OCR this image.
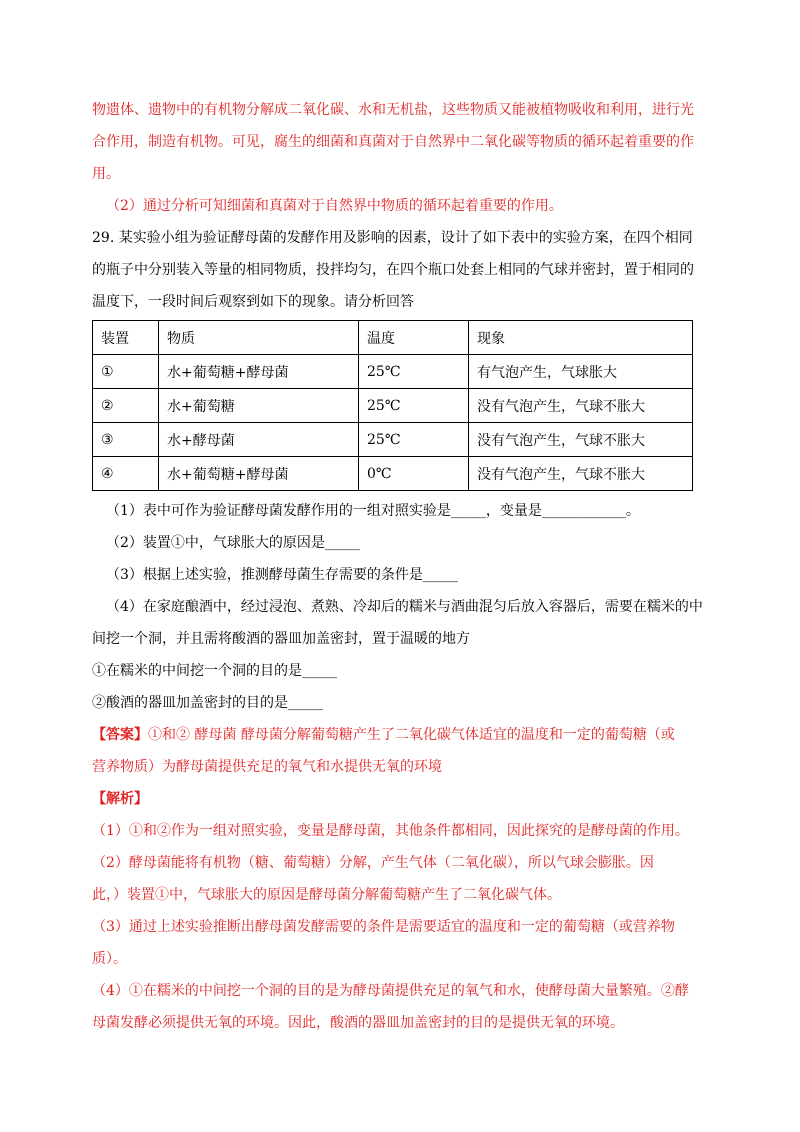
物遗体、遗物中的有机物分解成二氧化碳、水和无机盐，这些物质又能被植物吸收和利用，进行光
合作用，制造有机物。可见，腐生的细菌和真菌对于自然界中二氧化碳等物质的循环起着重要的作
用。
（2）通过分析可知细菌和真菌对于自然界中物质的循环起着重要的作用。
29. 某实验小组为验证酵母菌的发酵作用及影响的因素，设计了如下表中的实验方案，在四个相同
的瓶子中分别装入等量的相同物质，投拌均匀，在四个瓶口处套上相同的气球并密封，置于相同的
温度下，一段时间后观察到如下的现象。请分析回答
装置	物质	温度	现象
①	水+葡萄糖+酵母菌	25℃	有气泡产生，气球胀大
②	水+葡萄糖	25℃	没有气泡产生，气球不胀大
③	水+酵母菌	25℃	没有气泡产生，气球不胀大
④	水+葡萄糖+酵母菌	0℃	没有气泡产生，气球不胀大
（1）表中可作为验证酵母菌发酵作用的一组对照实验是_____，变量是____________。
（2）装置①中，气球胀大的原因是_____
（3）根据上述实验，推测酵母菌生存需要的条件是_____
（4）在家庭酿酒中，经过浸泡、煮熟、冷却后的糯米与酒曲混匀后放入容器后，需要在糯米的中
间挖一个洞，并且需将酸酒的器皿加盖密封，置于温暖的地方
①在糯米的中间挖一个洞的目的是_____
②酸酒的器皿加盖密封的目的是_____
【答案】①和② 酵母菌 酵母菌分解葡萄糖产生了二氧化碳气体适宜的温度和一定的葡萄糖（或
营养物质）为酵母菌提供充足的氧气和水提供无氧的环境
【解析】
（1）①和②作为一组对照实验，变量是酵母菌，其他条件都相同，因此探究的是酵母菌的作用。
（2）酵母菌能将有机物（糖、葡萄糖）分解，产生气体（二氧化碳），所以气球会膨胀。因
此，）装置①中，气球胀大的原因是酵母菌分解葡萄糖产生了二氧化碳气体。
（3）通过上述实验推断出酵母菌发酵需要的条件是需要适宜的温度和一定的葡萄糖（或营养物
质）。
（4）①在糯米的中间挖一个洞的目的是为酵母菌提供充足的氧气和水，使酵母菌大量繁殖。②酵
母菌发酵必须提供无氧的环境。因此，酸酒的器皿加盖密封的目的是提供无氧的环境。
